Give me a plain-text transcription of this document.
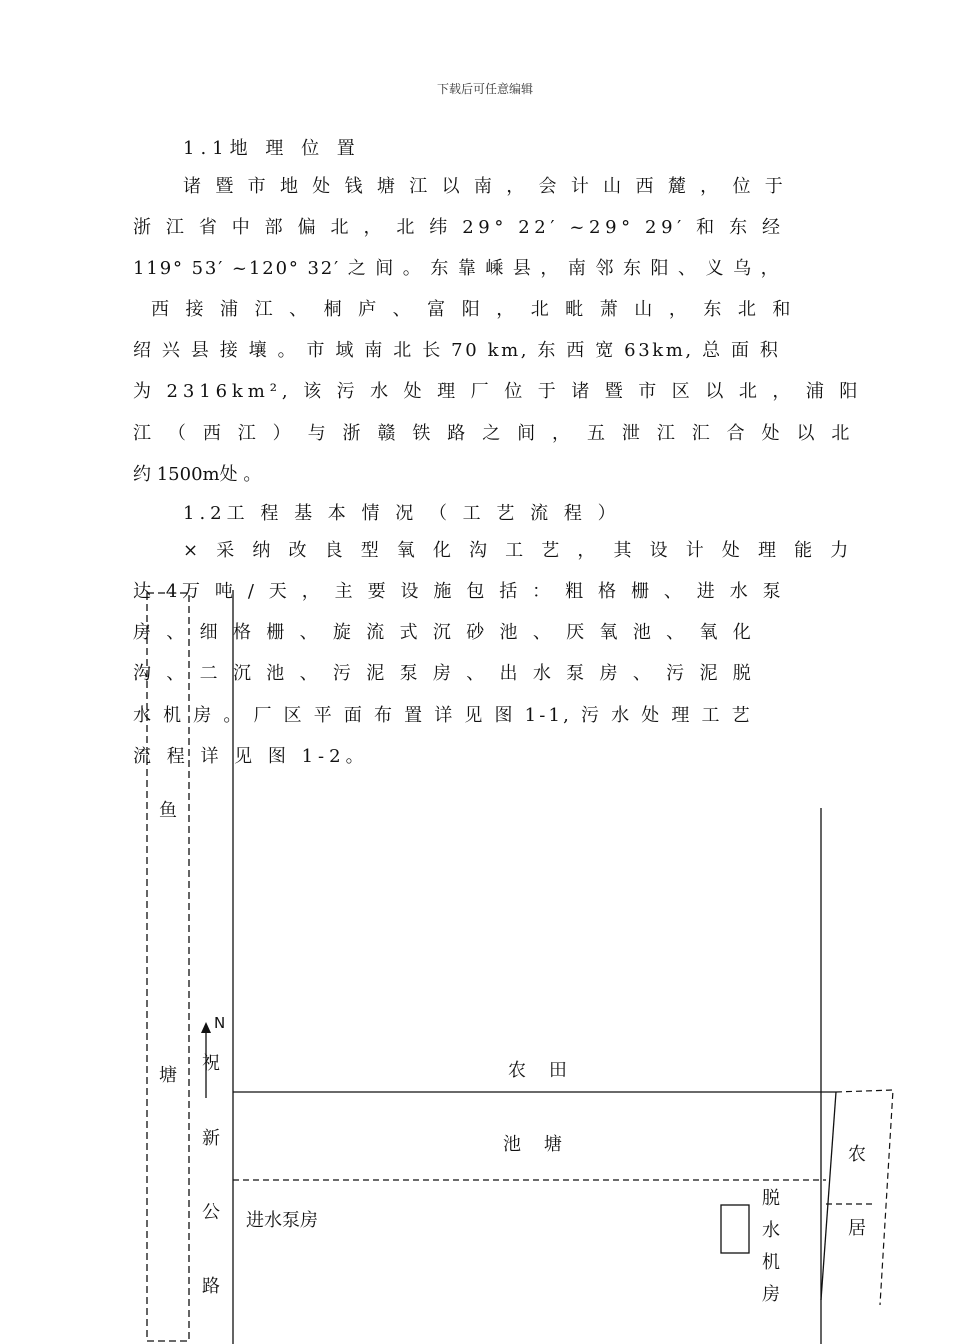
下载后可任意编辑
1.1地 理 位 置
诸 暨 市 地 处 钱 塘 江 以 南 ， 会 计 山 西 麓 ， 位 于
浙 江 省 中 部 偏 北 ， 北 纬 29° 22′ ~29° 29′ 和 东 经
119° 53′ ~120° 32′ 之 间 。 东 靠 嵊 县 ， 南 邻 东 阳 、 义 乌 ，
西 接 浦 江 、 桐 庐 、 富 阳 ， 北 毗 萧 山 ， 东 北 和
绍 兴 县 接 壤 。 市 域 南 北 长 70 km, 东 西 宽 63km, 总 面 积
为 2316km², 该 污 水 处 理 厂 位 于 诸 暨 市 区 以 北 ， 浦 阳
江 （ 西 江 ） 与 浙 赣 铁 路 之 间 ， 五 泄 江 汇 合 处 以 北
约 1500m处 。
1.2工 程 基 本 情 况 （ 工 艺 流 程 ）
× 采 纳 改 良 型 氧 化 沟 工 艺 ， 其 设 计 处 理 能 力
达 4万 吨 / 天 ， 主 要 设 施 包 括 ： 粗 格 栅 、 进 水 泵
房 、 细 格 栅 、 旋 流 式 沉 砂 池 、 厌 氧 池 、 氧 化
沟 、 二 沉 池 、 污 泥 泵 房 、 出 水 泵 房 、 污 泥 脱
水 机 房 。 厂 区 平 面 布 置 详 见 图 1-1, 污 水 处 理 工 艺
流 程 详 见 图 1-2。
鱼
塘
N
祝
新
公
路
农    田
池    塘
进水泵房
脱
水
机
房
农
居
